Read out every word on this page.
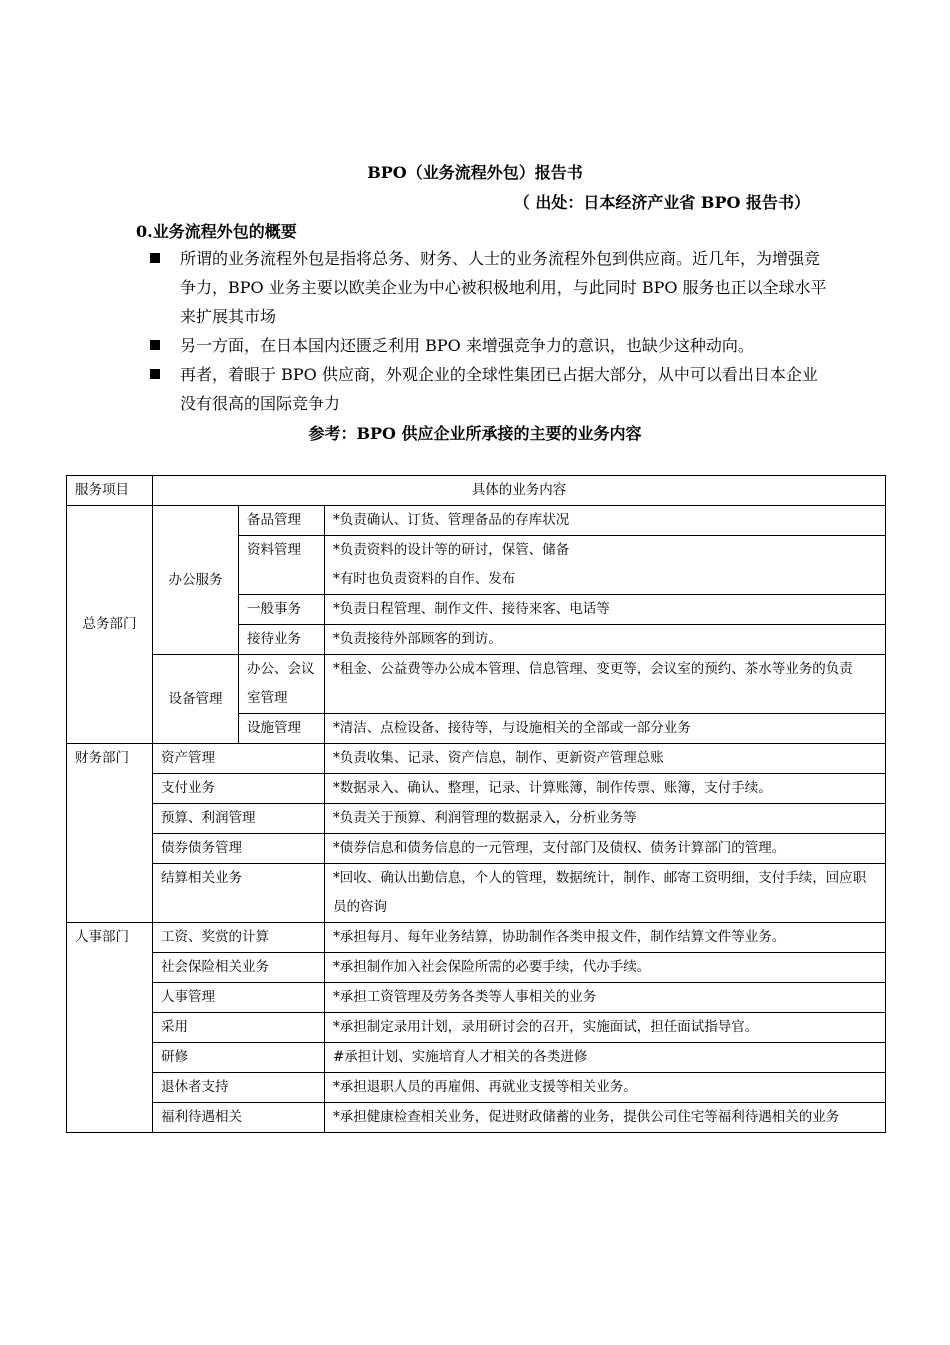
BPO（业务流程外包）报告书
（ 出处：日本经济产业省 BPO 报告书）
0.业务流程外包的概要
所谓的业务流程外包是指将总务、财务、人士的业务流程外包到供应商。近几年，为增强竞争力，BPO 业务主要以欧美企业为中心被积极地利用，与此同时 BPO 服务也正以全球水平来扩展其市场
另一方面，在日本国内还匮乏利用 BPO 来增强竞争力的意识，也缺少这种动向。
再者，着眼于 BPO 供应商，外观企业的全球性集团已占据大部分，从中可以看出日本企业没有很高的国际竞争力
参考：BPO 供应企业所承接的主要的业务内容
服务项目	具体的业务内容		
总务部门	办公服务	备品管理	*负责确认、订货、管理备品的存库状况
		资料管理	*负责资料的设计等的研讨，保管、储备
			*有时也负责资料的自作、发布
		一般事务	*负责日程管理、制作文件、接待来客、电话等
		接待业务	*负责接待外部顾客的到访。
	设备管理	办公、会议室管理	*租金、公益费等办公成本管理、信息管理、变更等，会议室的预约、茶水等业务的负责

		设施管理	*清洁、点检设备、接待等，与设施相关的全部或一部分业务
财务部门	资产管理		*负责收集、记录、资产信息，制作、更新资产管理总账
	支付业务		*数据录入、确认、整理，记录、计算账簿，制作传票、账簿，支付手续。
	预算、利润管理		*负责关于预算、利润管理的数据录入，分析业务等
	债券债务管理		*债券信息和债务信息的一元管理，支付部门及债权、债务计算部门的管理。
	结算相关业务		*回收、确认出勤信息，个人的管理，数据统计，制作、邮寄工资明细，支付手续，回应职员的咨询
人事部门	工资、奖赏的计算		*承担每月、每年业务结算，协助制作各类申报文件，制作结算文件等业务。
	社会保险相关业务		*承担制作加入社会保险所需的必要手续，代办手续。
	人事管理		*承担工资管理及劳务各类等人事相关的业务
	采用		*承担制定录用计划，录用研讨会的召开，实施面试，担任面试指导官。
	研修		#承担计划、实施培育人才相关的各类进修
	退休者支持		*承担退职人员的再雇佣、再就业支援等相关业务。
	福利待遇相关		*承担健康检查相关业务，促进财政储蓄的业务，提供公司住宅等福利待遇相关的业务
